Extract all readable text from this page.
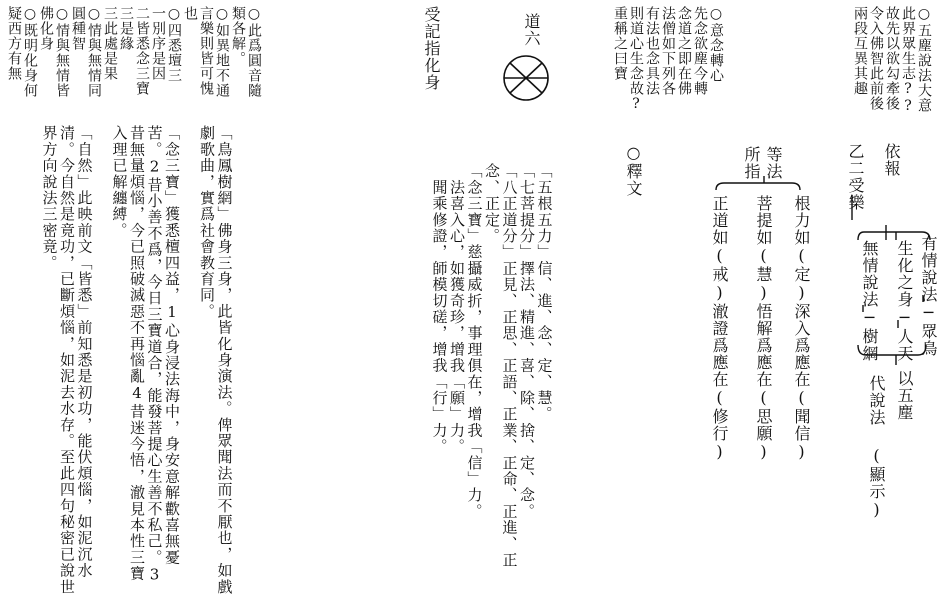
○五塵說法大意
此界眾生志??
故先以欲勾牽後
令入佛智此前後
兩段互異其趣
依報
乙二受樂
有情說法─眾鳥
生化之身─人天
無情說法─樹網
以五塵
代說法 (顯示)
○意念轉心
先念欲塵今轉
念道之即在佛
法僧如下列各
有法也念具法
則道心生念故?
重稱之曰寶
○釋文	等法
所指
根力如(定)深入爲應在(聞信)
菩提如(慧)悟解爲應在(思願)
正道如(戒)澈證爲應在(修行)
道六
受記指化身
「五根五力」信、進、念、定、慧。
「七菩提分」擇法、精進、喜、除、捨、定、念。
「八正道分」正見、正思、正語、正業、正命、正進、正
念、正定。
「念三寶」慈攝威折，事理俱在，增我「信」力。
　法喜入心，如獲奇珍，增我「願」力。
　聞乘修證，師模切磋，增我「行」力。
○此爲圓音隨
類各解。
○如異地不通
言樂則皆可愧
也
○四悉壇三
一別序是因
二皆悉念三寶
三是緣
三此處是果
○情與無情同
圓種智
○情與無情皆
佛化身
○既明化身何
疑西方有無
「鳥鳳樹網」佛身三身，此皆化身演法。俾眾聞法而不厭也，如戲
劇歌曲，實爲社會教育同。

「念三寶」獲悉檀四益，1心身浸法海中，身安意解歡喜無憂
苦。2昔小善不爲，今日三寶道合，能發菩提心生善不私己。3
昔無量煩惱，今已照破滅惡不再惱亂4昔迷今悟，澈見本性三寶
入理已解纏縛。

「自然」此映前文「皆悉」前知悉是初功，能伏煩惱，如泥沉水
清。今自然是竟功，已斷煩惱，如泥去水存。至此四句秘密已說世
界方向說法三密竟。
